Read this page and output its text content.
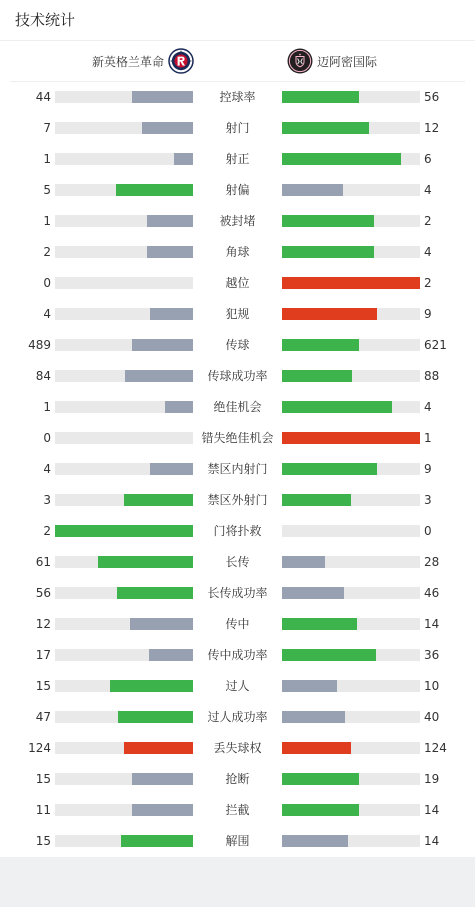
技术统计
新英格兰革命	迈阿密国际
44	控球率	56
7	射门	12
1	射正	6
5	射偏	4
1	被封堵	2
2	角球	4
0	越位	2
4	犯规	9
489	传球	621
84	传球成功率	88
1	绝佳机会	4
0	错失绝佳机会	1
4	禁区内射门	9
3	禁区外射门	3
2	门将扑救	0
61	长传	28
56	长传成功率	46
12	传中	14
17	传中成功率	36
15	过人	10
47	过人成功率	40
124	丢失球权	124
15	抢断	19
11	拦截	14
15	解围	14
